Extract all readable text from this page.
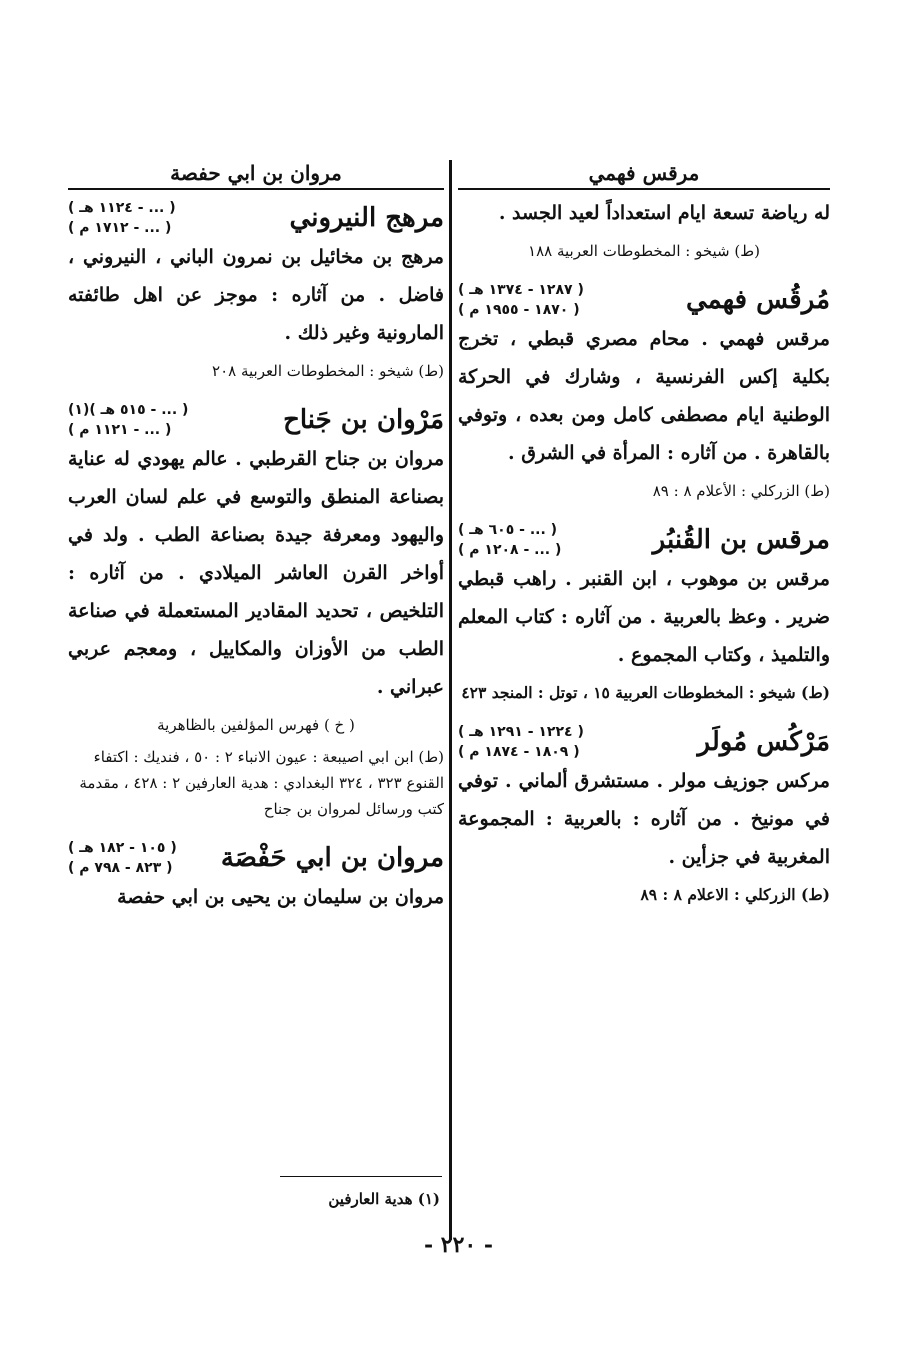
مرقس فهمي

له رياضة تسعة ايام استعداداً لعيد الجسد .

(ط) شيخو : المخطوطات العربية ١٨٨

مُرقُس فهمي
( ١٢٨٧ - ١٣٧٤ هـ )
( ١٨٧٠ - ١٩٥٥ م )

مرقس فهمي . محام مصري قبطي ، تخرج بكلية إكس الفرنسية ، وشارك في الحركة الوطنية ايام مصطفى كامل ومن بعده ، وتوفي بالقاهرة . من آثاره : المرأة في الشرق .

(ط) الزركلي : الأعلام ٨ : ٨٩

مرقس بن القُنبُر
( ... - ٦٠٥ هـ )
( ... - ١٢٠٨ م )

مرقس بن موهوب ، ابن القنبر . راهب قبطي ضرير . وعظ بالعربية . من آثاره : كتاب المعلم والتلميذ ، وكتاب المجموع .

(ط) شيخو : المخطوطات العربية ١٥ ، توتل : المنجد ٤٢٣

مَرْكُس مُولَر
( ١٢٢٤ - ١٢٩١ هـ )
( ١٨٠٩ - ١٨٧٤ م )

مركس جوزيف مولر . مستشرق ألماني . توفي في مونيخ . من آثاره : بالعربية : المجموعة المغربية في جزأين .

(ط) الزركلي : الاعلام ٨ : ٨٩

مروان بن ابي حفصة
مرهج النيروني
( ... - ١١٢٤ هـ )
( ... - ١٧١٢ م )

مرهج بن مخائيل بن نمرون الباني ، النيروني ، فاضل . من آثاره : موجز عن اهل طائفته المارونية وغير ذلك .

(ط) شيخو : المخطوطات العربية ٢٠٨

مَرْوان بن جَناح
( ... - ٥١٥ هـ )(١)
( ... - ١١٢١ م )

مروان بن جناح القرطبي . عالم يهودي له عناية بصناعة المنطق والتوسع في علم لسان العرب واليهود ومعرفة جيدة بصناعة الطب . ولد في أواخر القرن العاشر الميلادي . من آثاره : التلخيص ، تحديد المقادير المستعملة في صناعة الطب من الأوزان والمكاييل ، ومعجم عربي عبراني .

( خ ) فهرس المؤلفين بالظاهرية

(ط) ابن ابي اصيبعة : عيون الانباء ٢ : ٥٠ ، فنديك : اكتفاء القنوع ٣٢٣ ، ٣٢٤ البغدادي : هدية العارفين ٢ : ٤٢٨ ، مقدمة كتب ورسائل لمروان بن جناح

مروان بن ابي حَفْصَة
( ١٠٥ - ١٨٢ هـ )
( ٨٢٣ - ٧٩٨ م )

مروان بن سليمان بن يحيى بن ابي حفصة

(١) هدية العارفين
- ٢٢٠ -
